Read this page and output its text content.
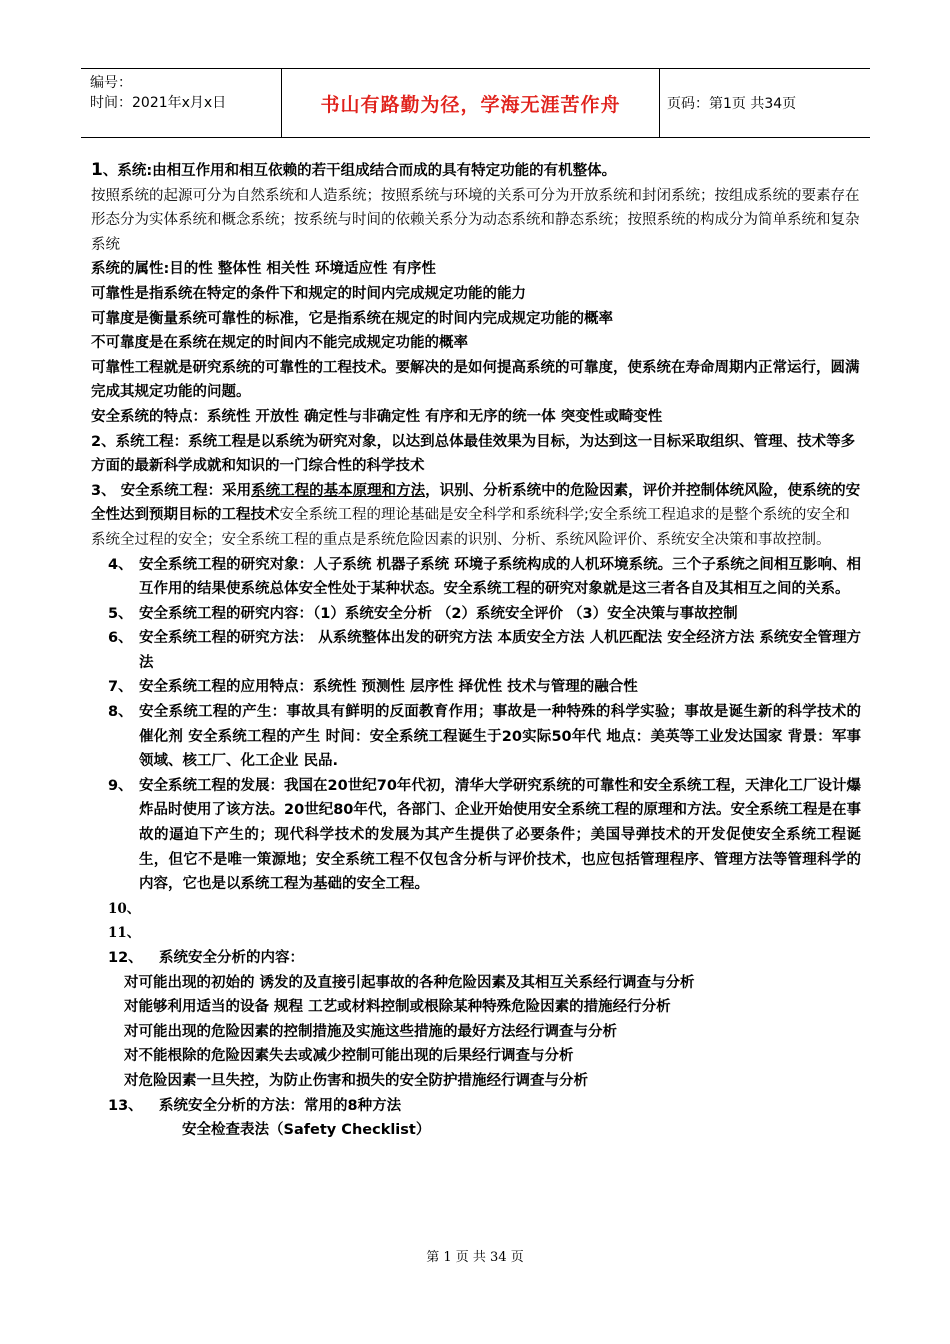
编号：
时间：2021年x月x日	书山有路勤为径，学海无涯苦作舟	页码：第1页 共34页

1、系统:由相互作用和相互依赖的若干组成结合而成的具有特定功能的有机整体。

按照系统的起源可分为自然系统和人造系统；按照系统与环境的关系可分为开放系统和封闭系统；按组成系统的要素存在形态分为实体系统和概念系统；按系统与时间的依赖关系分为动态系统和静态系统；按照系统的构成分为简单系统和复杂系统

系统的属性:目的性 整体性 相关性 环境适应性 有序性

可靠性是指系统在特定的条件下和规定的时间内完成规定功能的能力

可靠度是衡量系统可靠性的标准，它是指系统在规定的时间内完成规定功能的概率

不可靠度是在系统在规定的时间内不能完成规定功能的概率

可靠性工程就是研究系统的可靠性的工程技术。要解决的是如何提高系统的可靠度，使系统在寿命周期内正常运行，圆满完成其规定功能的问题。

安全系统的特点：系统性 开放性 确定性与非确定性 有序和无序的统一体 突变性或畸变性

2、系统工程：系统工程是以系统为研究对象，以达到总体最佳效果为目标，为达到这一目标采取组织、管理、技术等多方面的最新科学成就和知识的一门综合性的科学技术

3、 安全系统工程：采用系统工程的基本原理和方法，识别、分析系统中的危险因素，评价并控制体统风险，使系统的安全性达到预期目标的工程技术安全系统工程的理论基础是安全科学和系统科学;安全系统工程追求的是整个系统的安全和系统全过程的安全；安全系统工程的重点是系统危险因素的识别、分析、系统风险评价、系统安全决策和事故控制。

4、 安全系统工程的研究对象：人子系统 机器子系统 环境子系统构成的人机环境系统。三个子系统之间相互影响、相互作用的结果使系统总体安全性处于某种状态。安全系统工程的研究对象就是这三者各自及其相互之间的关系。
5、 安全系统工程的研究内容：（1）系统安全分析 （2）系统安全评价 （3）安全决策与事故控制
6、 安全系统工程的研究方法： 从系统整体出发的研究方法 本质安全方法 人机匹配法 安全经济方法 系统安全管理方法
7、 安全系统工程的应用特点：系统性 预测性 层序性 择优性 技术与管理的融合性
8、 安全系统工程的产生：事故具有鲜明的反面教育作用；事故是一种特殊的科学实验；事故是诞生新的科学技术的催化剂 安全系统工程的产生 时间：安全系统工程诞生于20实际50年代 地点：美英等工业发达国家 背景：军事领域、核工厂、化工企业 民品.
9、 安全系统工程的发展：我国在20世纪70年代初，清华大学研究系统的可靠性和安全系统工程，天津化工厂设计爆炸品时使用了该方法。20世纪80年代，各部门、企业开始使用安全系统工程的原理和方法。安全系统工程是在事故的逼迫下产生的；现代科学技术的发展为其产生提供了必要条件；美国导弹技术的开发促使安全系统工程诞生，但它不是唯一策源地；安全系统工程不仅包含分析与评价技术，也应包括管理程序、管理方法等管理科学的内容，它也是以系统工程为基础的安全工程。

10、

11、

12、	系统安全分析的内容：
对可能出现的初始的 诱发的及直接引起事故的各种危险因素及其相互关系经行调查与分析
对能够利用适当的设备 规程 工艺或材料控制或根除某种特殊危险因素的措施经行分析
对可能出现的危险因素的控制措施及实施这些措施的最好方法经行调查与分析
对不能根除的危险因素失去或减少控制可能出现的后果经行调查与分析
对危险因素一旦失控，为防止伤害和损失的安全防护措施经行调查与分析
13、	系统安全分析的方法：常用的8种方法

安全检查表法（Safety Checklist）

第 1 页 共 34 页
